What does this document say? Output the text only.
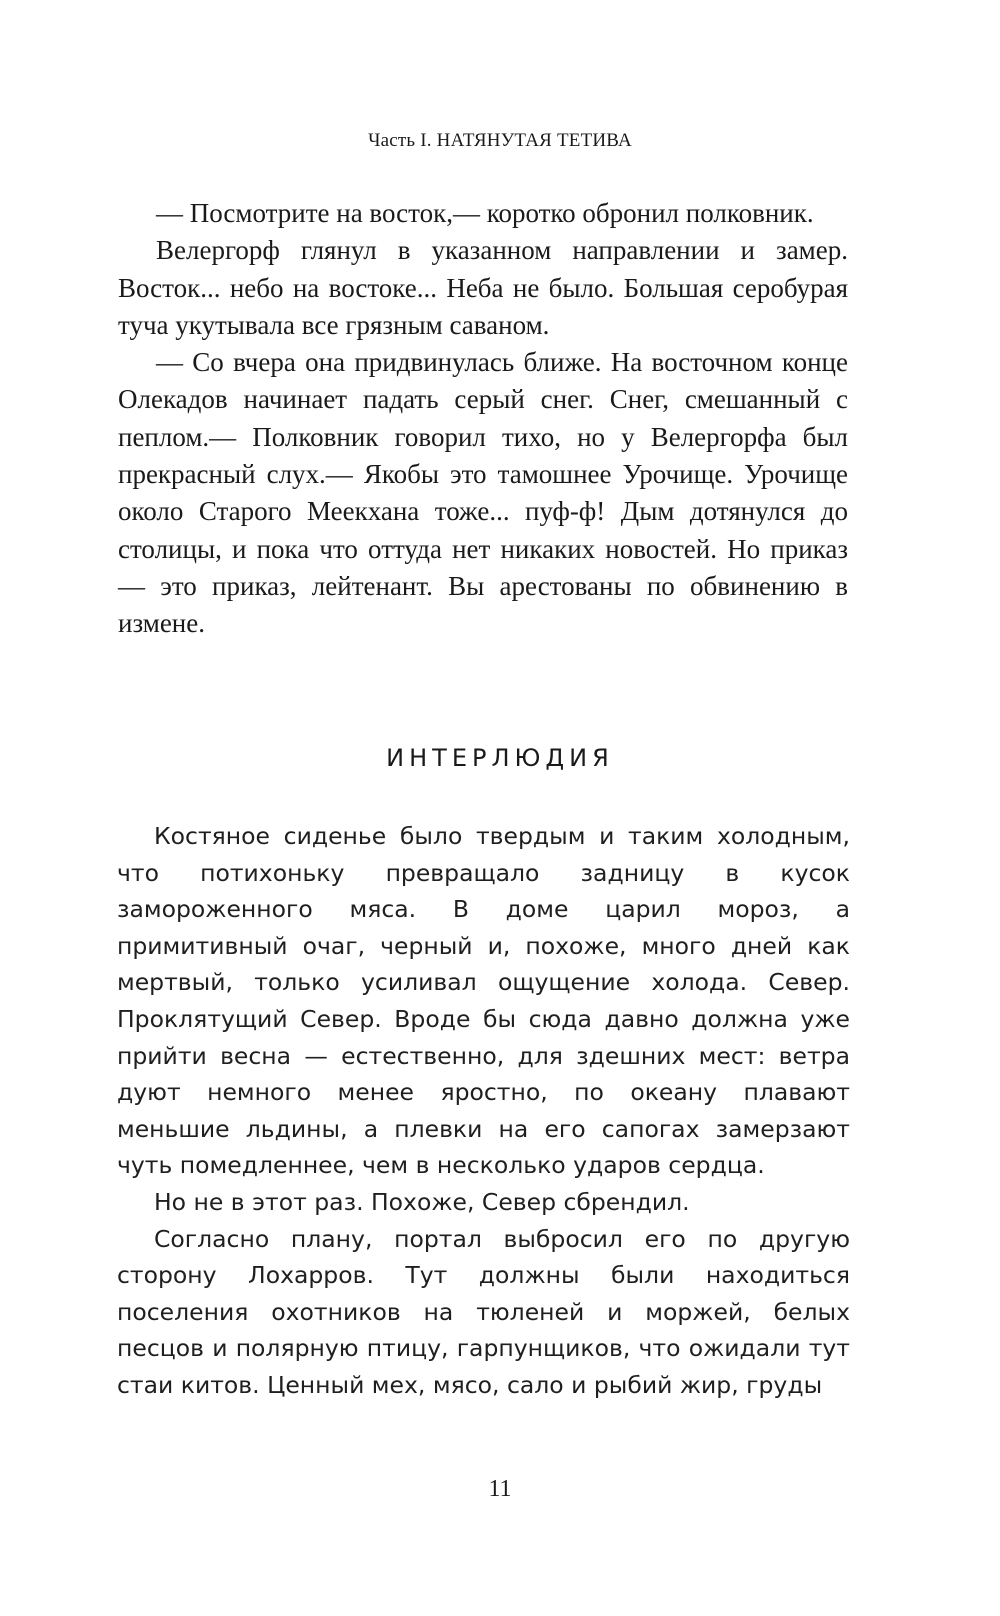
Часть I. НАТЯНУТАЯ ТЕТИВА

— Посмотрите на восток,— коротко обронил полковник.

Велергорф глянул в указанном направлении и замер. Восток... небо на востоке... Неба не было. Большая серобурая туча укутывала все грязным саваном.

— Со вчера она придвинулась ближе. На восточном конце Олекадов начинает падать серый снег. Снег, смешанный с пеплом.— Полковник говорил тихо, но у Велергорфа был прекрасный слух.— Якобы это тамошнее Урочище. Урочище около Старого Меекхана тоже... пуф-ф! Дым дотянулся до столицы, и пока что оттуда нет никаких новостей. Но приказ — это приказ, лейтенант. Вы арестованы по обвинению в измене.

ИНТЕРЛЮДИЯ

Костяное сиденье было твердым и таким холодным, что потихоньку превращало задницу в кусок замороженного мяса. В доме царил мороз, а примитивный очаг, черный и, похоже, много дней как мертвый, только усиливал ощущение холода. Север. Проклятущий Север. Вроде бы сюда давно должна уже прийти весна — естественно, для здешних мест: ветра дуют немного менее яростно, по океану плавают меньшие льдины, а плевки на его сапогах замерзают чуть помедленнее, чем в несколько ударов сердца.

Но не в этот раз. Похоже, Север сбрендил.

Согласно плану, портал выбросил его по другую сторону Лохарров. Тут должны были находиться поселения охотников на тюленей и моржей, белых песцов и полярную птицу, гарпунщиков, что ожидали тут стаи китов. Ценный мех, мясо, сало и рыбий жир, груды

11
